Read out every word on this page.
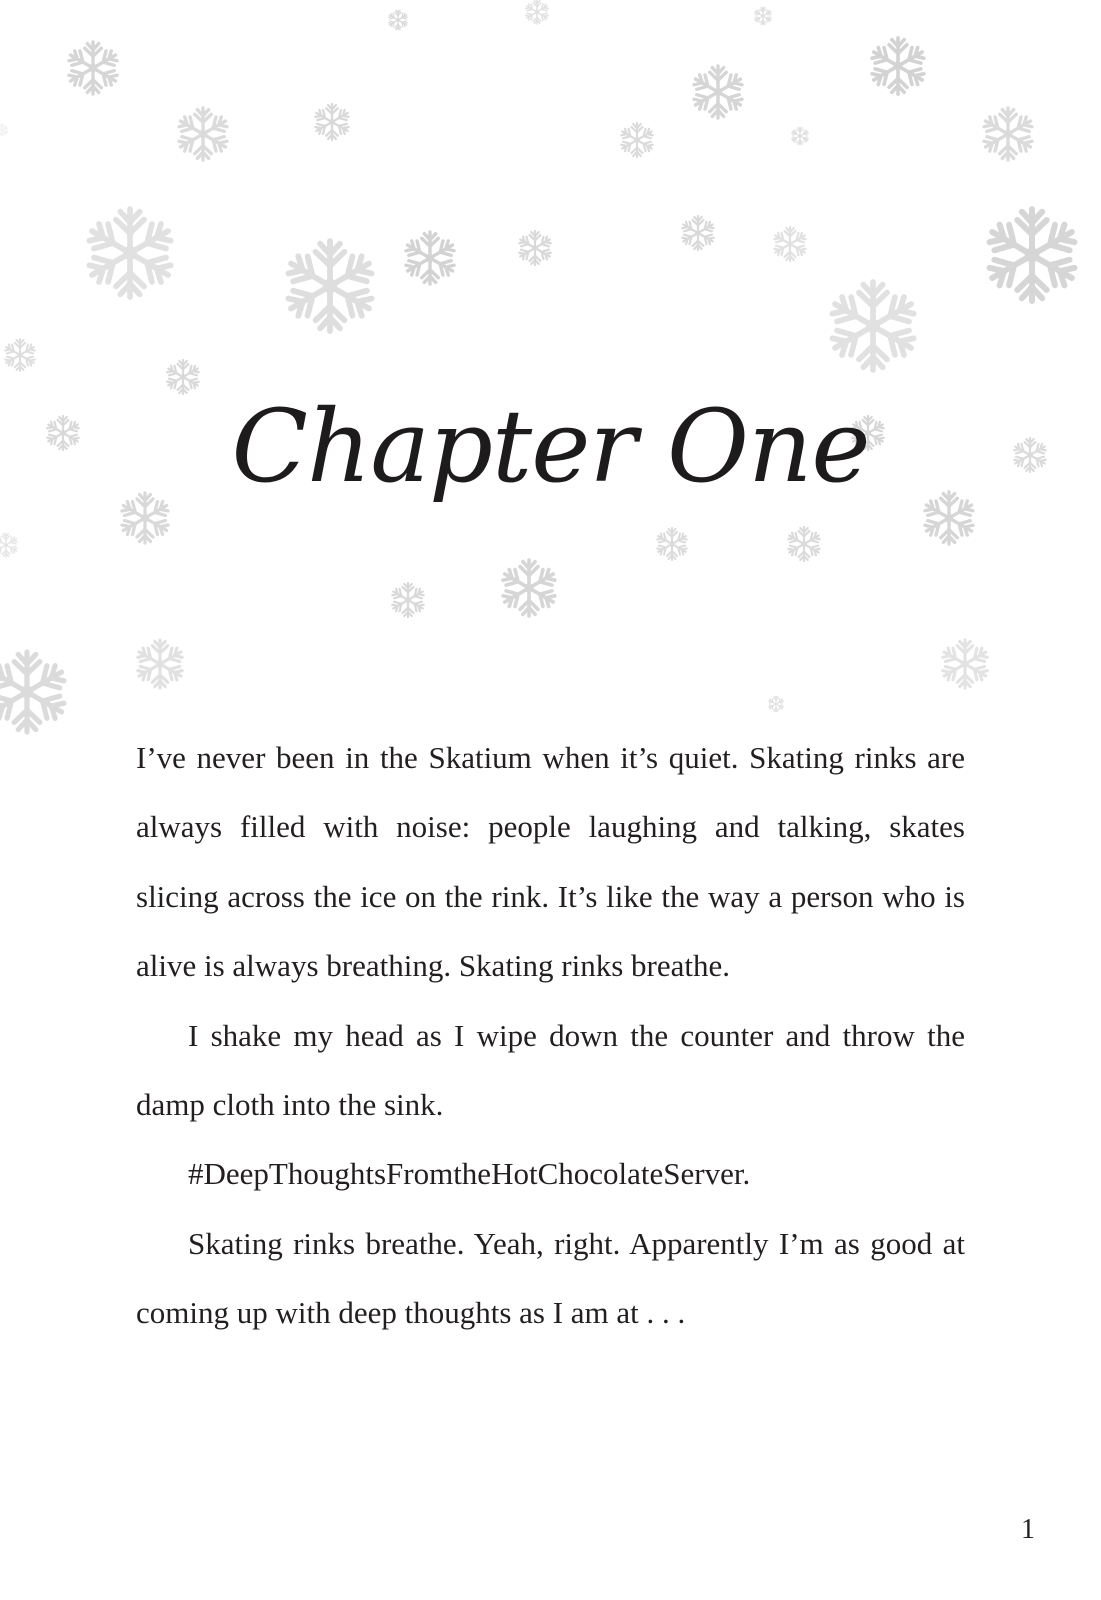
Chapter One

I’ve never been in the Skatium when it’s quiet. Skating rinks are always filled with noise: people laughing and talking, skates slicing across the ice on the rink. It’s like the way a person who is alive is always breathing. Skating rinks breathe.

I shake my head as I wipe down the counter and throw the damp cloth into the sink.

#DeepThoughtsFromtheHotChocolateServer.

Skating rinks breathe. Yeah, right. Apparently I’m as good at coming up with deep thoughts as I am at . . .

1
